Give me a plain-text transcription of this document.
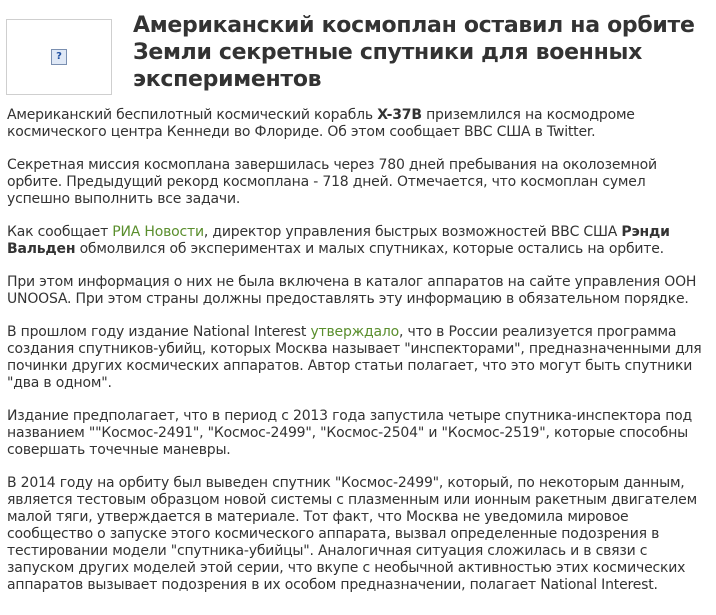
?
Американский космоплан оставил на орбите Земли секретные спутники для военных экспериментов

Американский беспилотный космический корабль X-37B приземлился на космодроме космического центра Кеннеди во Флориде. Об этом сообщает ВВС США в Twitter.

Секретная миссия космоплана завершилась через 780 дней пребывания на околоземной орбите. Предыдущий рекорд космоплана - 718 дней. Отмечается, что космоплан сумел успешно выполнить все задачи.

Как сообщает РИА Новости, директор управления быстрых возможностей ВВС США Рэнди Вальден обмолвился об экспериментах и малых спутниках, которые остались на орбите.

При этом информация о них не была включена в каталог аппаратов на сайте управления ООН UNOOSA. При этом страны должны предоставлять эту информацию в обязательном порядке.

В прошлом году издание National Interest утверждало, что в России реализуется программа создания спутников-убийц, которых Москва называет "инспекторами", предназначенными для починки других космических аппаратов. Автор статьи полагает, что это могут быть спутники "два в одном".

Издание предполагает, что в период с 2013 года запустила четыре спутника-инспектора под названием ""Космос-2491", "Космос-2499", "Космос-2504" и "Космос-2519", которые способны совершать точечные маневры.

В 2014 году на орбиту был выведен спутник "Космос-2499", который, по некоторым данным, является тестовым образцом новой системы с плазменным или ионным ракетным двигателем малой тяги, утверждается в материале. Тот факт, что Москва не уведомила мировое сообщество о запуске этого космического аппарата, вызвал определенные подозрения в тестировании модели "спутника-убийцы". Аналогичная ситуация сложилась и в связи с запуском других моделей этой серии, что вкупе с необычной активностью этих космических аппаратов вызывает подозрения в их особом предназначении, полагает National Interest.
